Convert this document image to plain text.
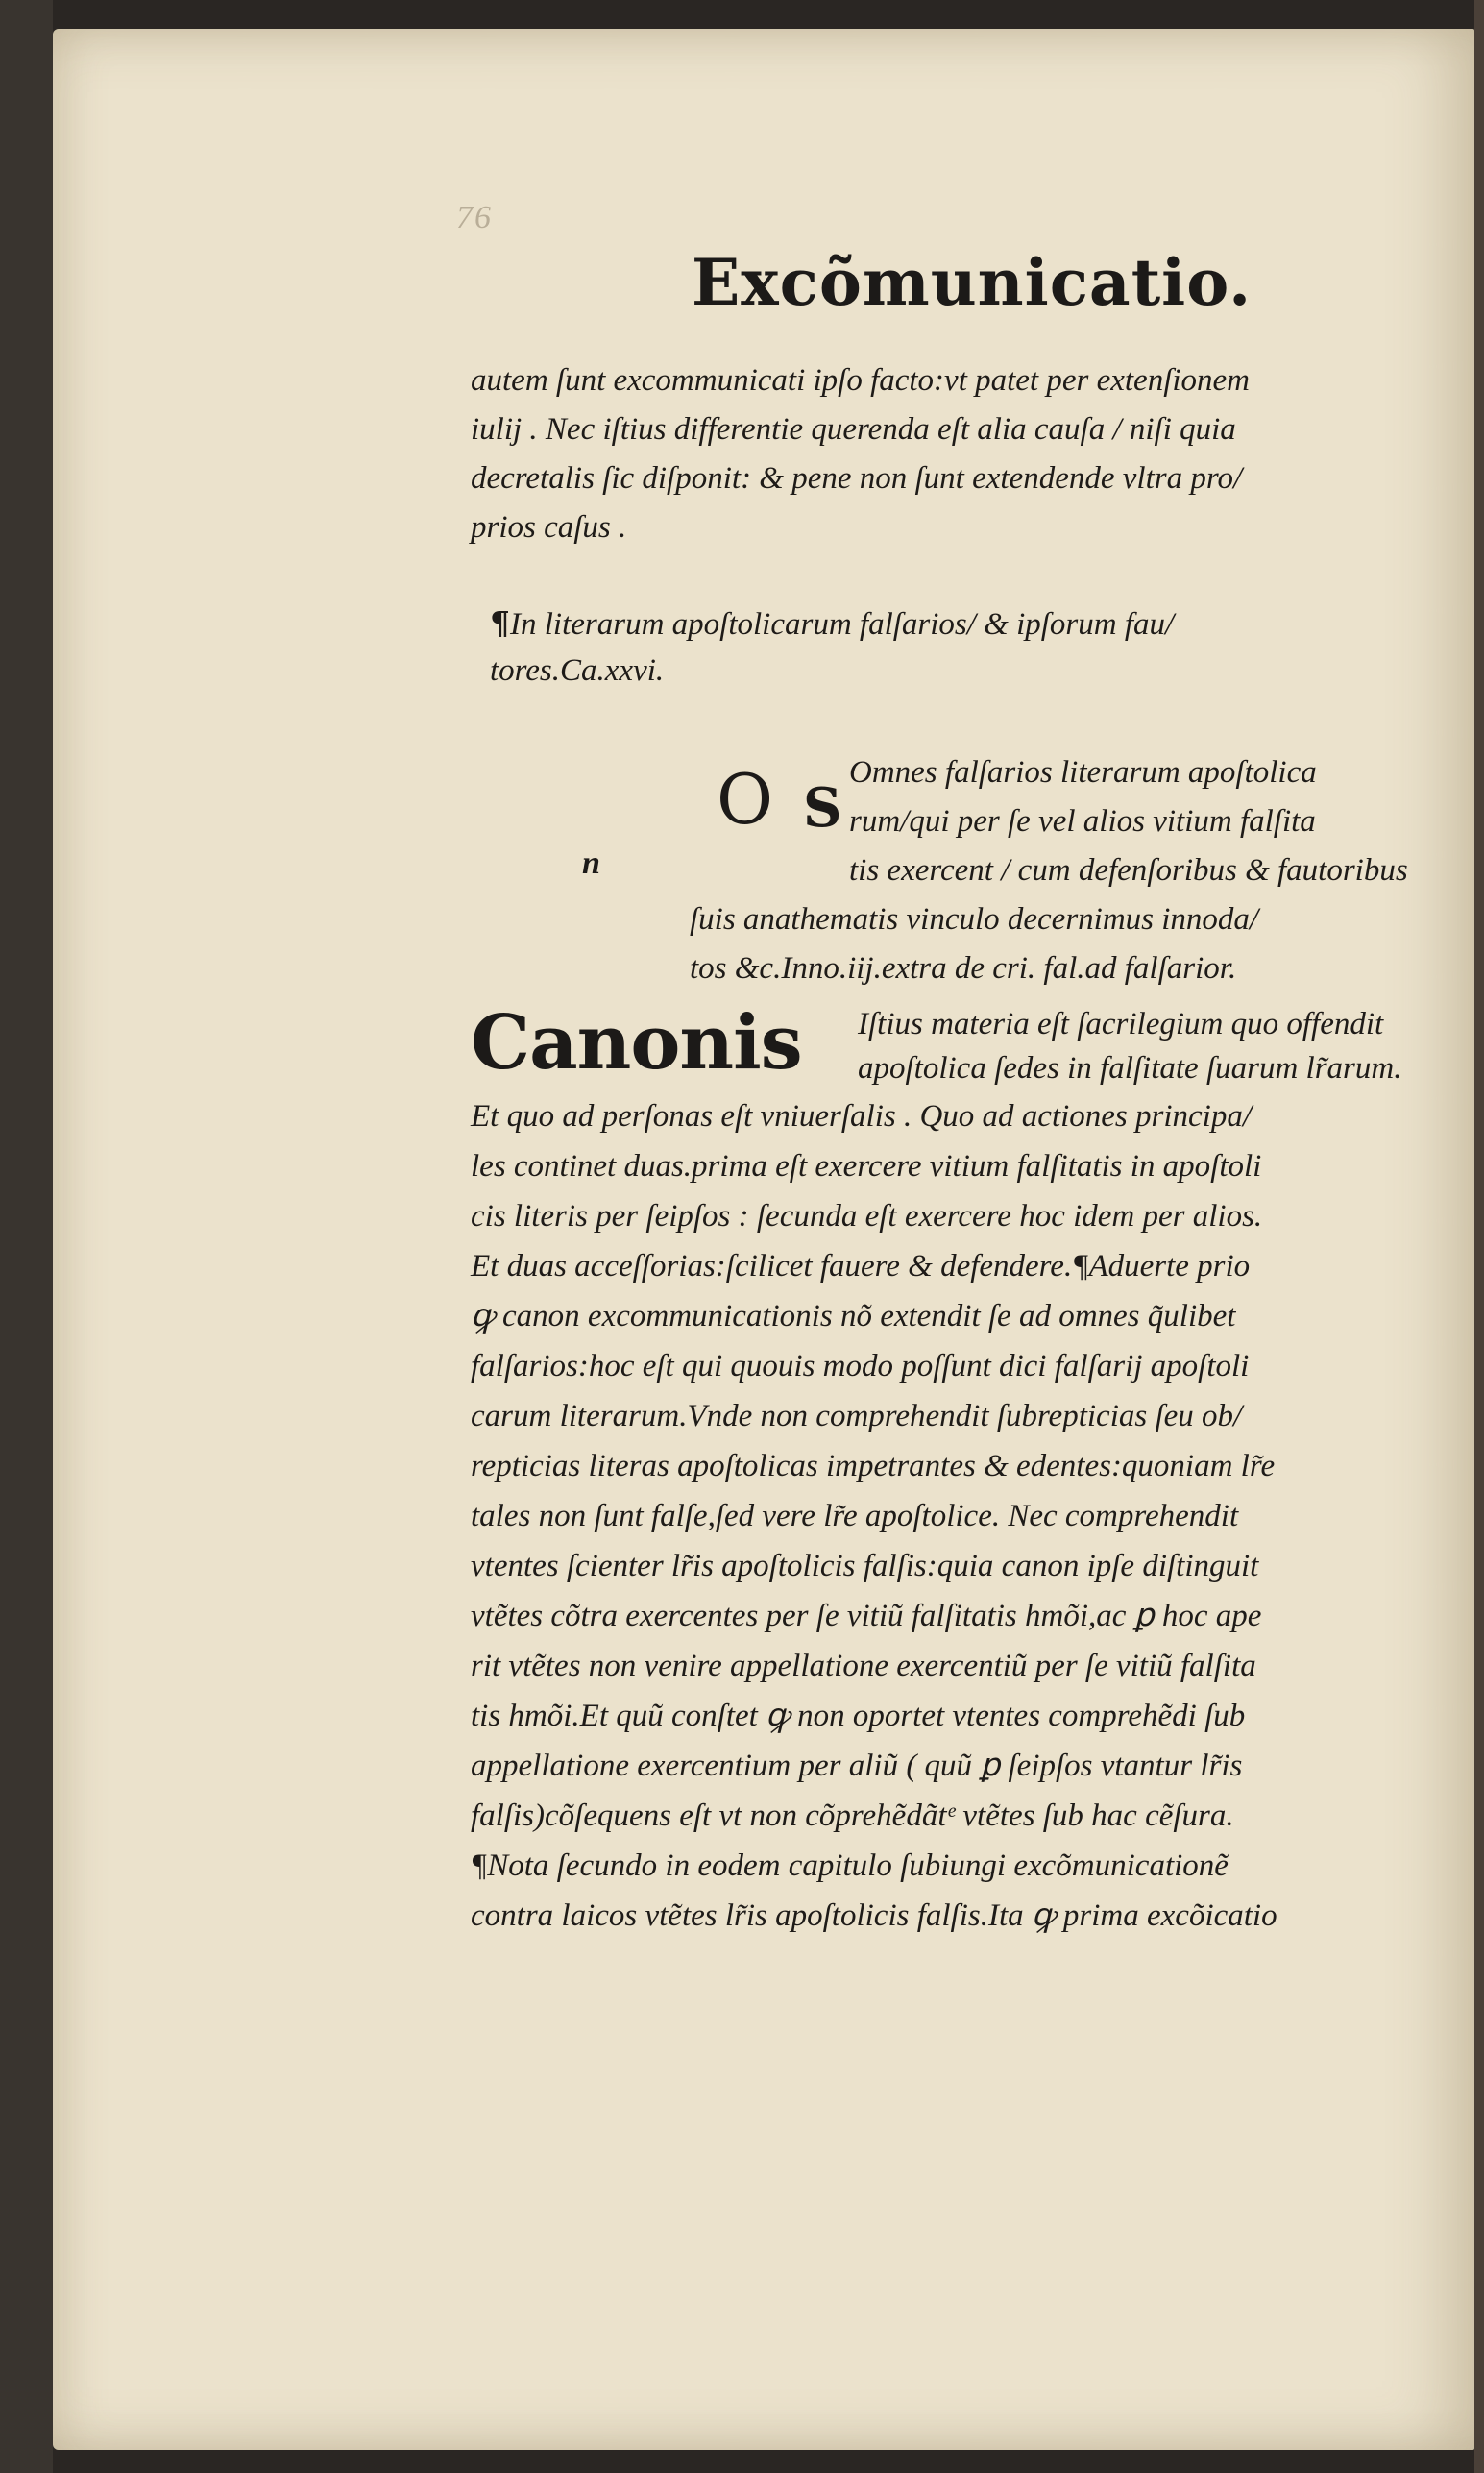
76
Excõmunicatio.
autem ſunt excommunicati ipſo facto:vt patet per extenſionem
iulij . Nec iſtius differentie querenda eſt alia cauſa / niſi quia
decretalis ſic diſponit: & pene non ſunt extendende vltra pro/
prios caſus .
¶In literarum apoſtolicarum falſarios/ & ipſorum fau/
tores.Ca.xxvi.
O S
n
Omnes falſarios literarum apoſtolica
rum/qui per ſe vel alios vitium falſita
tis exercent / cum defenſoribus & fautoribus
ſuis anathematis vinculo decernimus innoda/
tos &c.Inno.iij.extra de cri. fal.ad falſarior.
Canonis Iſtius materia eſt ſacrilegium quo offendit
apoſtolica ſedes in falſitate ſuarum lr̃arum.
Et quo ad perſonas eſt vniuerſalis . Quo ad actiones principa/
les continet duas.prima eſt exercere vitium falſitatis in apoſtoli
cis literis per ſeipſos : ſecunda eſt exercere hoc idem per alios.
Et duas acceſſorias:ſcilicet fauere & defendere.¶Aduerte prio
ꝙ canon excommunicationis nõ extendit ſe ad omnes q̃ulibet
falſarios:hoc eſt qui quouis modo poſſunt dici falſarij apoſtoli
carum literarum.Vnde non comprehendit ſubrepticias ſeu ob/
repticias literas apoſtolicas impetrantes & edentes:quoniam lr̃e
tales non ſunt falſe,ſed vere lr̃e apoſtolice. Nec comprehendit
vtentes ſcienter lr̃is apoſtolicis falſis:quia canon ipſe diſtinguit
vtẽtes cõtra exercentes per ſe vitiũ falſitatis hmõi,ac ꝑ hoc ape
rit vtẽtes non venire appellatione exercentiũ per ſe vitiũ falſita
tis hmõi.Et quũ conſtet ꝙ non oportet vtentes comprehẽdi ſub
appellatione exercentium per aliũ ( quũ ꝑ ſeipſos vtantur lr̃is
falſis)cõſequens eſt vt non cõprehẽdãtᵉ vtẽtes ſub hac cẽſura.
¶Nota ſecundo in eodem capitulo ſubiungi excõmunicationẽ
contra laicos vtẽtes lr̃is apoſtolicis falſis.Ita ꝙ prima excõicatio
